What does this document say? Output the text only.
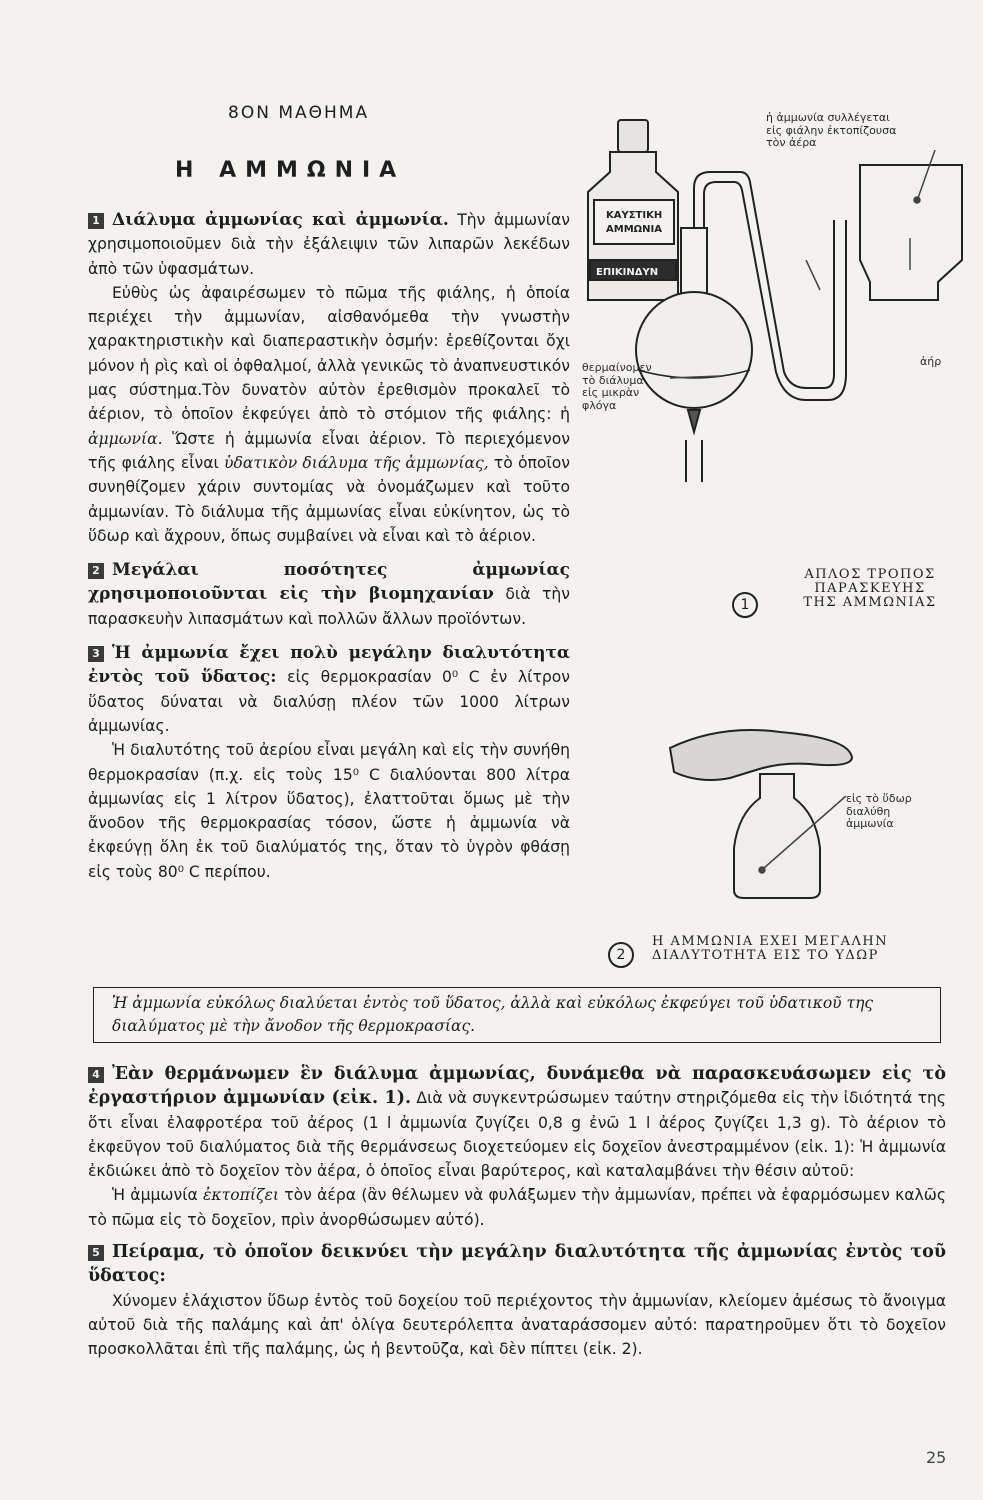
8ΟΝ ΜΑΘΗΜΑ
Η ΑΜΜΩΝΙΑ

1 Διάλυμα ἀμμωνίας καὶ ἀμμωνία. Τὴν ἀμμωνίαν χρησιμοποιοῦμεν διὰ τὴν ἐξάλειψιν τῶν λιπαρῶν λεκέδων ἀπὸ τῶν ὑφασμάτων.

Εὐθὺς ὡς ἀφαιρέσωμεν τὸ πῶμα τῆς φιάλης, ἡ ὁποία περιέχει τὴν ἀμμωνίαν, αἰσθανόμεθα τὴν γνωστὴν χαρακτηριστικὴν καὶ διαπεραστικὴν ὀσμήν: ἐρεθίζονται ὄχι μόνον ἡ ρὶς καὶ οἱ ὀφθαλμοί, ἀλλὰ γενικῶς τὸ ἀναπνευστικόν μας σύστημα.Τὸν δυνατὸν αὐτὸν ἐρεθισμὸν προκαλεῖ τὸ ἀέριον, τὸ ὁποῖον ἐκφεύγει ἀπὸ τὸ στόμιον τῆς φιάλης: ἡ ἀμμωνία. Ὥστε ἡ ἀμμωνία εἶναι ἀέριον. Τὸ περιεχόμενον τῆς φιάλης εἶναι ὑδατικὸν διάλυμα τῆς ἀμμωνίας, τὸ ὁποῖον συνηθίζομεν χάριν συντομίας νὰ ὀνομάζωμεν καὶ τοῦτο ἀμμωνίαν. Τὸ διάλυμα τῆς ἀμμωνίας εἶναι εὐκίνητον, ὡς τὸ ὕδωρ καὶ ἄχρουν, ὅπως συμβαίνει νὰ εἶναι καὶ τὸ ἀέριον.

2 Μεγάλαι ποσότητες ἀμμωνίας χρησιμοποιοῦνται εἰς τὴν βιομηχανίαν διὰ τὴν παρασκευὴν λιπασμάτων καὶ πολλῶν ἄλλων προϊόντων.

3 Ἡ ἀμμωνία ἔχει πολὺ μεγάλην διαλυτότητα ἐντὸς τοῦ ὕδατος: εἰς θερμοκρασίαν 0⁰ C ἐν λίτρον ὕδατος δύναται νὰ διαλύσῃ πλέον τῶν 1000 λίτρων ἀμμωνίας.

Ἡ διαλυτότης τοῦ ἀερίου εἶναι μεγάλη καὶ εἰς τὴν συνήθη θερμοκρασίαν (π.χ. εἰς τοὺς 15⁰ C διαλύονται 800 λίτρα ἀμμωνίας εἰς 1 λίτρον ὕδατος), ἐλαττοῦται ὅμως μὲ τὴν ἄνοδον τῆς θερμοκρασίας τόσον, ὥστε ἡ ἀμμωνία νὰ ἐκφεύγῃ ὅλη ἐκ τοῦ διαλύματός της, ὅταν τὸ ὑγρὸν φθάσῃ εἰς τοὺς 80⁰ C περίπου.

ΚΑΥΣΤΙΚΗ
ΑΜΜΩΝΙΑ
ΕΠΙΚΙΝΔΥΝ
ἡ ἀμμωνία συλλέγεται
εἰς φιάλην ἐκτοπίζουσα
τὸν ἀέρα
θερμαίνομεν
τὸ διάλυμα
εἰς μικρὰν
φλόγα
ἀήρ
1
ΑΠΛΟΣ ΤΡΟΠΟΣ
ΠΑΡΑΣΚΕΥΗΣ
ΤΗΣ ΑΜΜΩΝΙΑΣ
εἰς τὸ ὕδωρ
διαλύθη
ἀμμωνία
2
Η ΑΜΜΩΝΙΑ ΕΧΕΙ ΜΕΓΑΛΗΝ
ΔΙΑΛΥΤΟΤΗΤΑ ΕΙΣ ΤΟ ΥΔΩΡ

Ἡ ἀμμωνία εὐκόλως διαλύεται ἐντὸς τοῦ ὕδατος, ἀλλὰ καὶ εὐκόλως ἐκφεύγει τοῦ ὑδατικοῦ της διαλύματος μὲ τὴν ἄνοδον τῆς θερμοκρασίας.

4 Ἐὰν θερμάνωμεν ἓν διάλυμα ἀμμωνίας, δυνάμεθα νὰ παρασκευάσωμεν εἰς τὸ ἐργαστήριον ἀμμωνίαν (εἰκ. 1). Διὰ νὰ συγκεντρώσωμεν ταύτην στηριζόμεθα εἰς τὴν ἰδιότητά της ὅτι εἶναι ἐλαφροτέρα τοῦ ἀέρος (1 l ἀμμωνία ζυγίζει 0,8 g ἐνῶ 1 l ἀέρος ζυγίζει 1,3 g). Τὸ ἀέριον τὸ ἐκφεῦγον τοῦ διαλύματος διὰ τῆς θερμάνσεως διοχετεύομεν εἰς δοχεῖον ἀνεστραμμένον (εἰκ. 1): Ἡ ἀμμωνία ἐκδιώκει ἀπὸ τὸ δοχεῖον τὸν ἀέρα, ὁ ὁποῖος εἶναι βαρύτερος, καὶ καταλαμβάνει τὴν θέσιν αὐτοῦ:

Ἡ ἀμμωνία ἐκτοπίζει τὸν ἀέρα (ἂν θέλωμεν νὰ φυλάξωμεν τὴν ἀμμωνίαν, πρέπει νὰ ἐφαρμόσωμεν καλῶς τὸ πῶμα εἰς τὸ δοχεῖον, πρὶν ἀνορθώσωμεν αὐτό).

5 Πείραμα, τὸ ὁποῖον δεικνύει τὴν μεγάλην διαλυτότητα τῆς ἀμμωνίας ἐντὸς τοῦ ὕδατος:

Χύνομεν ἐλάχιστον ὕδωρ ἐντὸς τοῦ δοχείου τοῦ περιέχοντος τὴν ἀμμωνίαν, κλείομεν ἀμέσως τὸ ἄνοιγμα αὐτοῦ διὰ τῆς παλάμης καὶ ἀπ' ὀλίγα δευτερόλεπτα ἀναταράσσομεν αὐτό: παρατηροῦμεν ὅτι τὸ δοχεῖον προσκολλᾶται ἐπὶ τῆς παλάμης, ὡς ἡ βεντοῦζα, καὶ δὲν πίπτει (εἰκ. 2).

25
